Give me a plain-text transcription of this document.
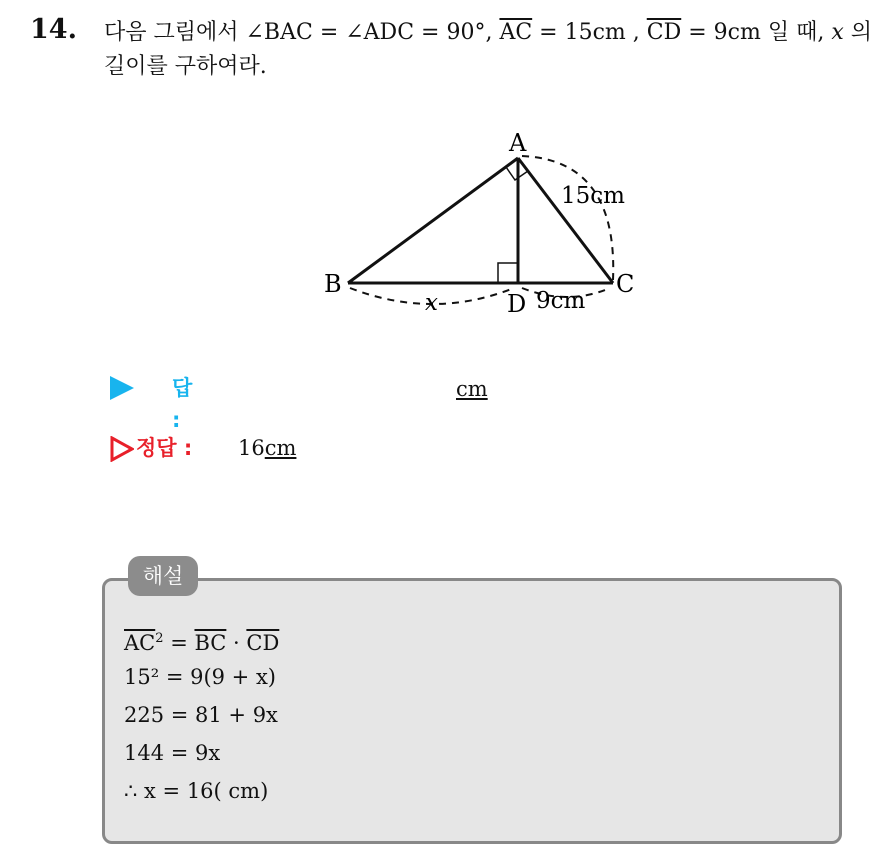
14. 다음 그림에서 ∠BAC = ∠ADC = 90°, $\overline{AC} = 15cm$ , $\overline{CD} = 9cm$ 일 때, x 의 길이를 구하여라.
A
B	C
D
15cm
x	9cm
답 :
cm
정답 : 16cm
해설
$\overline{AC}^2 = \overline{BC} \cdot \overline{CD}$
15² = 9(9 + x)
225 = 81 + 9x
144 = 9x
∴ x = 16( cm)
